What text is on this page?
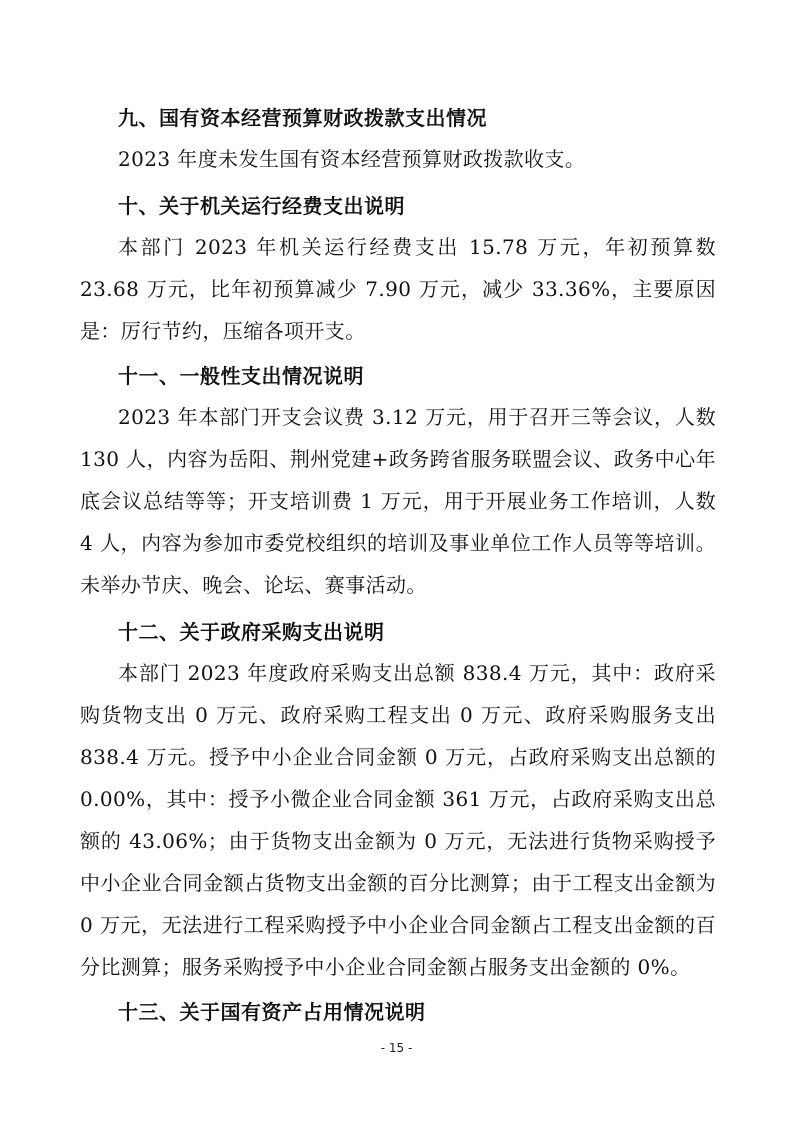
九、国有资本经营预算财政拨款支出情况
2023 年度未发生国有资本经营预算财政拨款收支。
十、关于机关运行经费支出说明
本部门 2023 年机关运行经费支出 15.78 万元，年初预算数 23.68 万元，比年初预算减少 7.90 万元，减少 33.36%，主要原因是：厉行节约，压缩各项开支。
十一、一般性支出情况说明
2023 年本部门开支会议费 3.12 万元，用于召开三等会议，人数 130 人，内容为岳阳、荆州党建+政务跨省服务联盟会议、政务中心年底会议总结等等；开支培训费 1 万元，用于开展业务工作培训，人数 4 人，内容为参加市委党校组织的培训及事业单位工作人员等等培训。未举办节庆、晚会、论坛、赛事活动。
十二、关于政府采购支出说明
本部门 2023 年度政府采购支出总额 838.4 万元，其中：政府采购货物支出 0 万元、政府采购工程支出 0 万元、政府采购服务支出 838.4 万元。授予中小企业合同金额 0 万元，占政府采购支出总额的 0.00%，其中：授予小微企业合同金额 361 万元，占政府采购支出总额的 43.06%；由于货物支出金额为 0 万元，无法进行货物采购授予中小企业合同金额占货物支出金额的百分比测算；由于工程支出金额为 0 万元，无法进行工程采购授予中小企业合同金额占工程支出金额的百分比测算；服务采购授予中小企业合同金额占服务支出金额的 0%。
十三、关于国有资产占用情况说明
- 15 -
